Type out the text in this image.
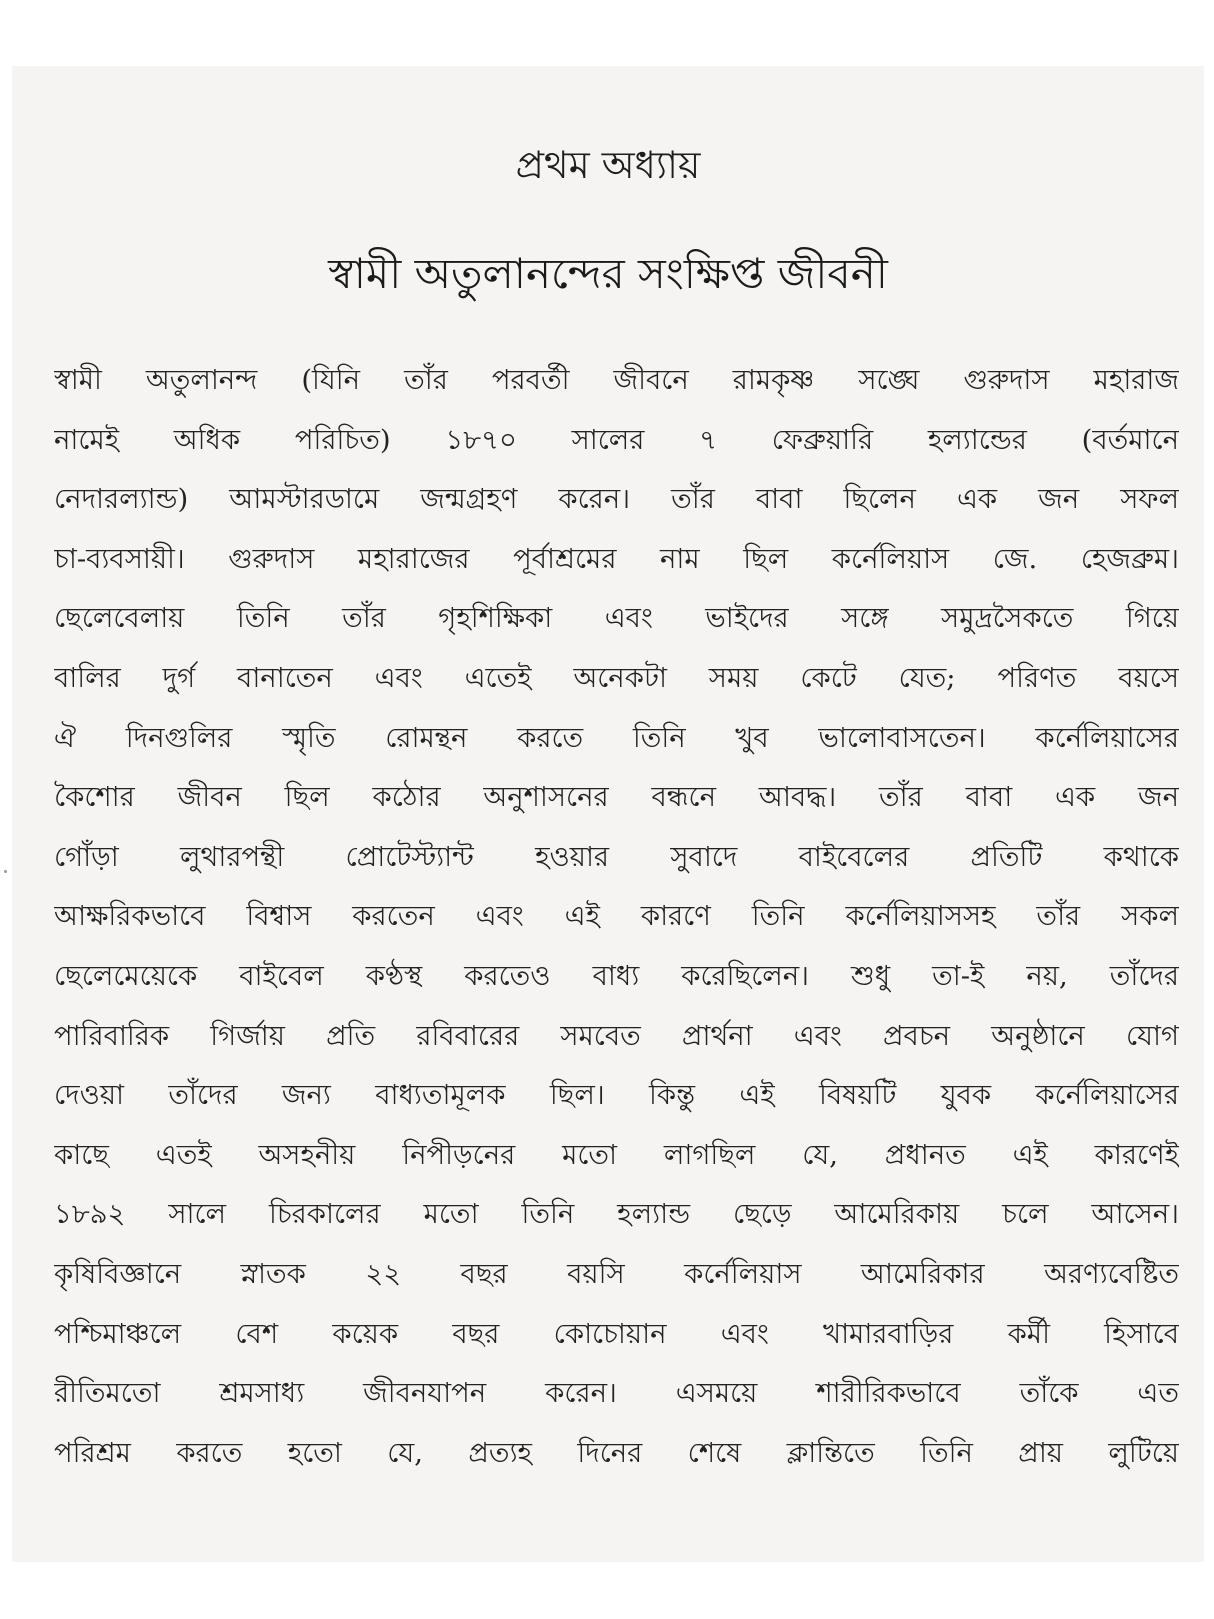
প্রথম অধ্যায়
স্বামী অতুলানন্দের সংক্ষিপ্ত জীবনী
স্বামী অতুলানন্দ (যিনি তাঁর পরবর্তী জীবনে রামকৃষ্ণ সঙ্ঘে গুরুদাস মহারাজ
নামেই অধিক পরিচিত) ১৮৭০ সালের ৭ ফেব্রুয়ারি হল্যান্ডের (বর্তমানে
নেদারল্যান্ড) আমস্টারডামে জন্মগ্রহণ করেন। তাঁর বাবা ছিলেন এক জন সফল
চা-ব্যবসায়ী। গুরুদাস মহারাজের পূর্বাশ্রমের নাম ছিল কর্নেলিয়াস জে. হেজব্রুম।
ছেলেবেলায় তিনি তাঁর গৃহশিক্ষিকা এবং ভাইদের সঙ্গে সমুদ্রসৈকতে গিয়ে
বালির দুর্গ বানাতেন এবং এতেই অনেকটা সময় কেটে যেত; পরিণত বয়সে
ঐ দিনগুলির স্মৃতি রোমন্থন করতে তিনি খুব ভালোবাসতেন। কর্নেলিয়াসের
কৈশোর জীবন ছিল কঠোর অনুশাসনের বন্ধনে আবদ্ধ। তাঁর বাবা এক জন
গোঁড়া লুথারপন্থী প্রোটেস্ট্যান্ট হওয়ার সুবাদে বাইবেলের প্রতিটি কথাকে
আক্ষরিকভাবে বিশ্বাস করতেন এবং এই কারণে তিনি কর্নেলিয়াসসহ তাঁর সকল
ছেলেমেয়েকে বাইবেল কণ্ঠস্থ করতেও বাধ্য করেছিলেন। শুধু তা-ই নয়, তাঁদের
পারিবারিক গির্জায় প্রতি রবিবারের সমবেত প্রার্থনা এবং প্রবচন অনুষ্ঠানে যোগ
দেওয়া তাঁদের জন্য বাধ্যতামূলক ছিল। কিন্তু এই বিষয়টি যুবক কর্নেলিয়াসের
কাছে এতই অসহনীয় নিপীড়নের মতো লাগছিল যে, প্রধানত এই কারণেই
১৮৯২ সালে চিরকালের মতো তিনি হল্যান্ড ছেড়ে আমেরিকায় চলে আসেন।
কৃষিবিজ্ঞানে স্নাতক ২২ বছর বয়সি কর্নেলিয়াস আমেরিকার অরণ্যবেষ্টিত
পশ্চিমাঞ্চলে বেশ কয়েক বছর কোচোয়ান এবং খামারবাড়ির কর্মী হিসাবে
রীতিমতো শ্রমসাধ্য জীবনযাপন করেন। এসময়ে শারীরিকভাবে তাঁকে এত
পরিশ্রম করতে হতো যে, প্রত্যহ দিনের শেষে ক্লান্তিতে তিনি প্রায় লুটিয়ে
